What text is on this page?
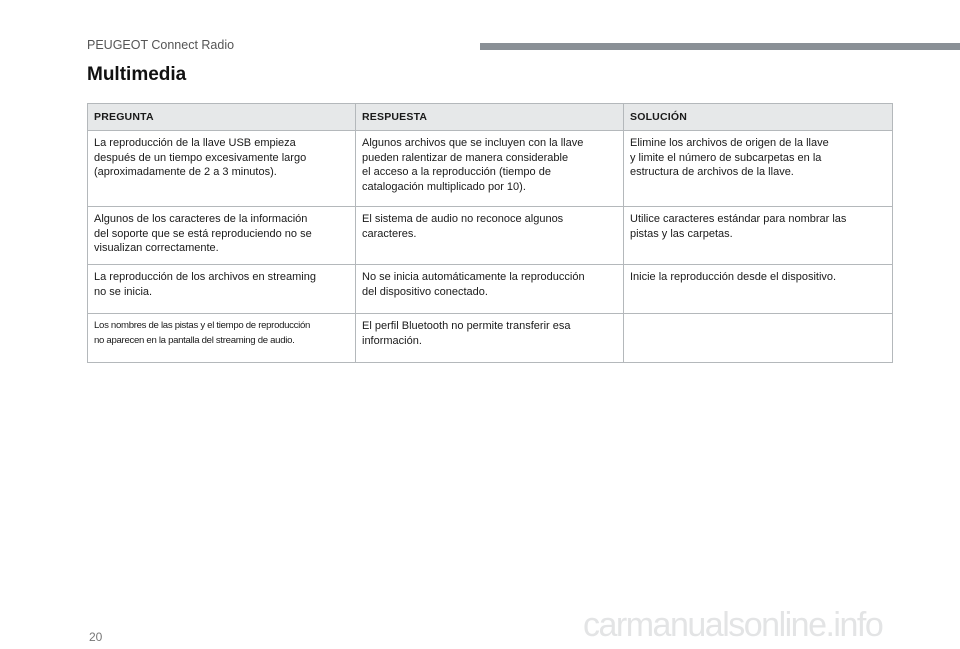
PEUGEOT Connect Radio
Multimedia
PREGUNTA	RESPUESTA	SOLUCIÓN
La reproducción de la llave USB empieza
después de un tiempo excesivamente largo
(aproximadamente de 2 a 3 minutos).	Algunos archivos que se incluyen con la llave
pueden ralentizar de manera considerable
el acceso a la reproducción (tiempo de
catalogación multiplicado por 10).	Elimine los archivos de origen de la llave
y limite el número de subcarpetas en la
estructura de archivos de la llave.
Algunos de los caracteres de la información
del soporte que se está reproduciendo no se
visualizan correctamente.	El sistema de audio no reconoce algunos
caracteres.	Utilice caracteres estándar para nombrar las
pistas y las carpetas.
La reproducción de los archivos en streaming
no se inicia.	No se inicia automáticamente la reproducción
del dispositivo conectado.	Inicie la reproducción desde el dispositivo.
Los nombres de las pistas y el tiempo de reproducción
no aparecen en la pantalla del streaming de audio.	El perfil Bluetooth no permite transferir esa
información.	
20	carmanualsonline.info
